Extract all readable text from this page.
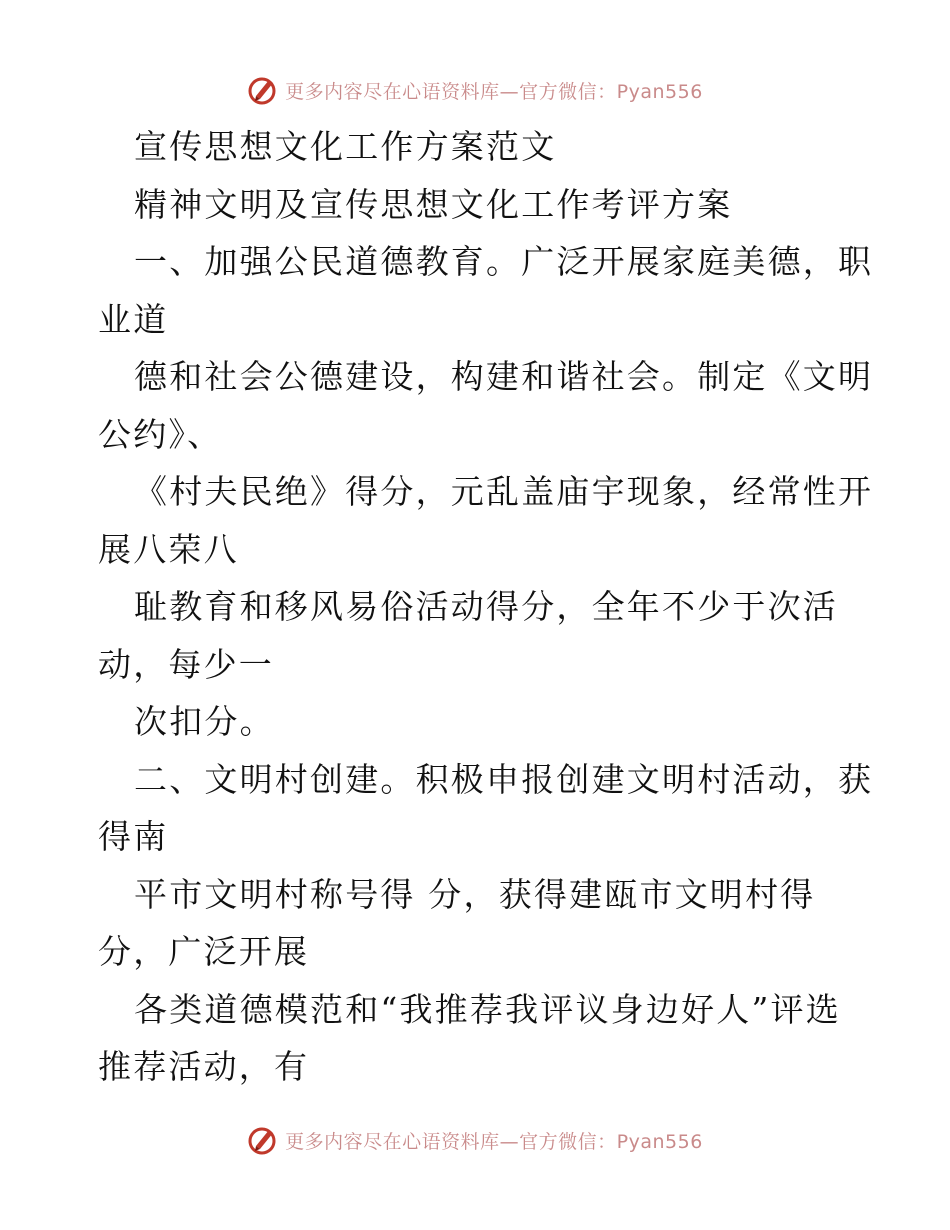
更多内容尽在心语资料库—官方微信：Pyan556
宣传思想文化工作方案范文
精神文明及宣传思想文化工作考评方案
一、加强公民道德教育。广泛开展家庭美德，职
业道
德和社会公德建设，构建和谐社会。制定《文明
公约》、
《村夫民绝》得分，元乱盖庙宇现象，经常性开
展八荣八
耻教育和移风易俗活动得分，全年不少于次活
动，每少一
次扣分。
二、文明村创建。积极申报创建文明村活动，获
得南
平市文明村称号得 分，获得建瓯市文明村得
分，广泛开展
各类道德模范和“我推荐我评议身边好人”评选
推荐活动，有
更多内容尽在心语资料库—官方微信：Pyan556
